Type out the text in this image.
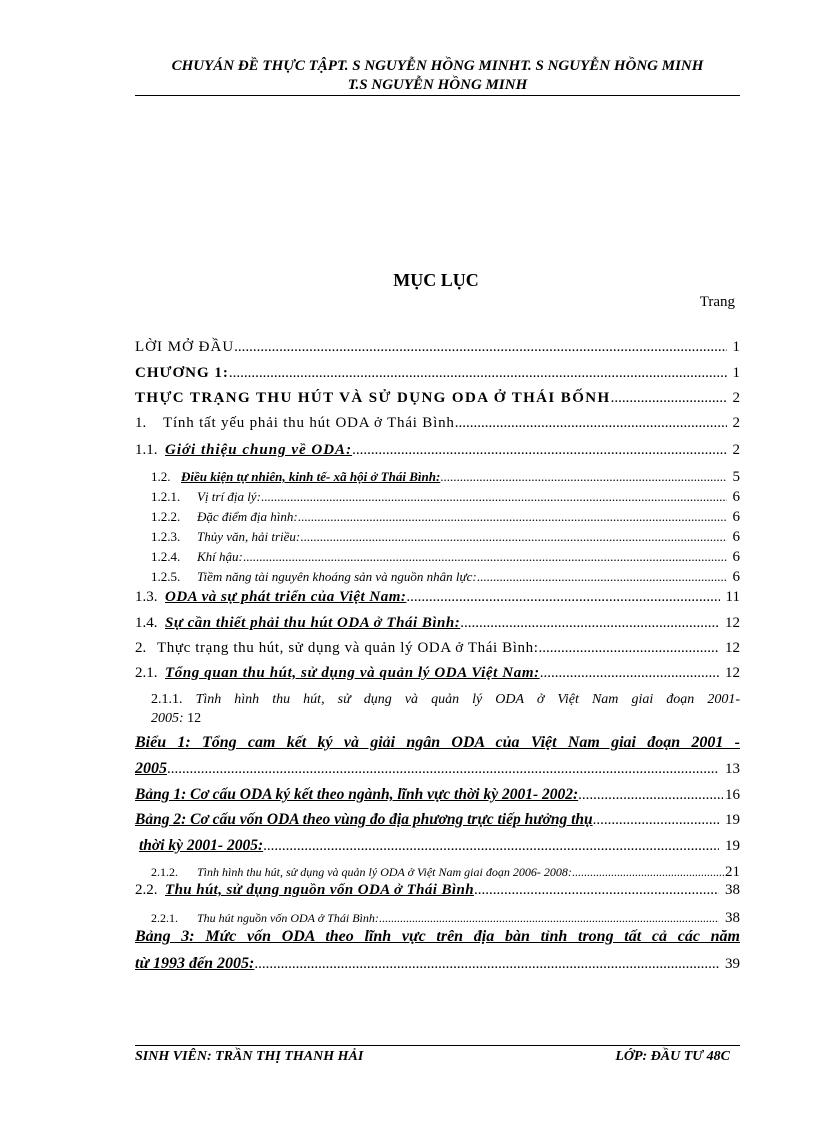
CHUYÁN ĐỀ THỰC TẬPT. S NGUYỄN HỒNG MINHT. S NGUYỄN HỒNG MINH
T.S NGUYỄN HỒNG MINH
MỤC LỤC
Trang
LỜI MỞ ĐẦU .....	1
CHƯƠNG 1: .....	1
THỰC TRẠNG THU HÚT VÀ SỬ DỤNG ODA Ở THÁI BỐNH .....	2
1.	Tính tất yếu phải thu hút ODA ở Thái Bình .....	2
1.1. Giới thiệu chung về ODA: .....	2
1.2. Điều kiện tự nhiên, kinh tế- xã hội ở Thái Bình: .....	5
1.2.1.	Vị trí địa lý: .....	6
1.2.2.	Đặc điểm địa hình: .....	6
1.2.3.	Thủy văn, hải triều: .....	6
1.2.4.	Khí hậu: .....	6
1.2.5.	Tiềm năng tài nguyên khoáng sản và nguồn nhân lực: .....	6
1.3. ODA và sự phát triển của Việt Nam: .....	11
1.4. Sự cần thiết phải thu hút ODA ở Thái Bình: .....	12
2. Thực trạng thu hút, sử dụng và quản lý ODA ở Thái Bình: .....	12
2.1. Tổng quan thu hút, sử dụng và quản lý ODA Việt Nam: .....	12
2.1.1. Tình hình thu hút, sử dụng và quản lý ODA ở Việt Nam giai đoạn 2001-
2005: 12
Biểu 1: Tổng cam kết ký và giải ngân ODA của Việt Nam giai đoạn 2001 -
2005 .....	13
Bảng 1: Cơ cấu ODA ký kết theo ngành, lĩnh vực thời kỳ 2001- 2002: .....	16
Bảng 2: Cơ cấu vốn ODA theo vùng đo địa phương trực tiếp hưởng thụ .....	19
thời kỳ 2001- 2005: .....	19
2.1.2.	Tình hình thu hút, sử dụng và quản lý ODA ở Việt Nam giai đoạn 2006- 2008: .....	21
2.2. Thu hút, sử dụng nguồn vốn ODA ở Thái Bình .....	38
2.2.1.	Thu hút nguồn vốn ODA ở Thái Bình: .....	38
Bảng 3: Mức vốn ODA theo lĩnh vực trên địa bàn tỉnh trong tất cả các năm
từ 1993 đến 2005: .....	39
SINH VIÊN: TRẦN THỊ THANH HẢI	LỚP: ĐẦU TƯ 48C
